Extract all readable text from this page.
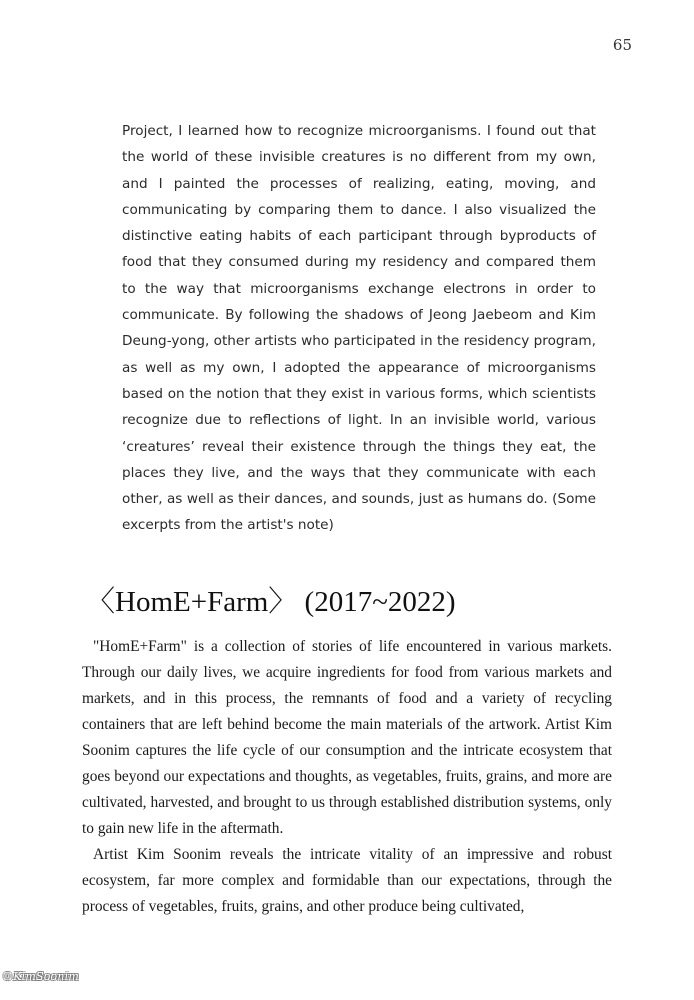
65

Project, I learned how to recognize microorganisms. I found out that the world of these invisible creatures is no different from my own, and I painted the processes of realizing, eating, moving, and communicating by comparing them to dance. I also visualized the distinctive eating habits of each participant through byproducts of food that they consumed during my residency and compared them to the way that microorganisms exchange electrons in order to communicate. By following the shadows of Jeong Jaebeom and Kim Deung-yong, other artists who participated in the residency program, as well as my own, I adopted the appearance of microorganisms based on the notion that they exist in various forms, which scientists recognize due to reflections of light. In an invisible world, various ‘creatures’ reveal their existence through the things they eat, the places they live, and the ways that they communicate with each other, as well as their dances, and sounds, just as humans do. (Some excerpts from the artist's note)

〈HomE+Farm〉 (2017~2022)

"HomE+Farm" is a collection of stories of life encountered in various markets. Through our daily lives, we acquire ingredients for food from various markets and markets, and in this process, the remnants of food and a variety of recycling containers that are left behind become the main materials of the artwork. Artist Kim Soonim captures the life cycle of our consumption and the intricate ecosystem that goes beyond our expectations and thoughts, as vegetables, fruits, grains, and more are cultivated, harvested, and brought to us through established distribution systems, only to gain new life in the aftermath.

Artist Kim Soonim reveals the intricate vitality of an impressive and robust ecosystem, far more complex and formidable than our expectations, through the process of vegetables, fruits, grains, and other produce being cultivated,

©KimSoonim
